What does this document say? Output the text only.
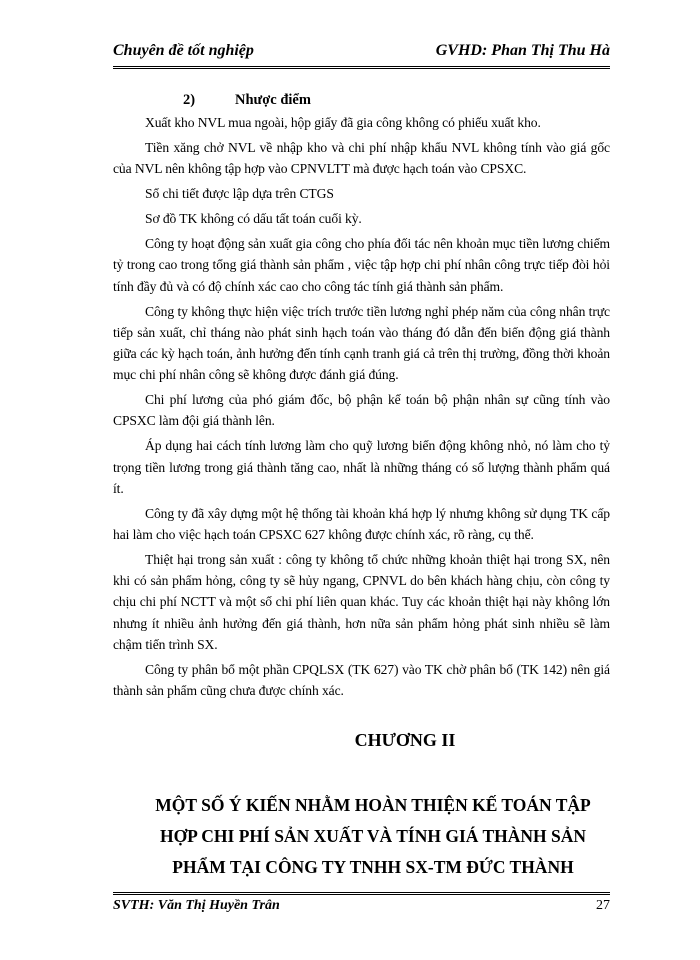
Chuyên đề tốt nghiệp	GVHD: Phan Thị Thu Hà
2)	Nhược điểm

Xuất kho NVL mua ngoài, hộp giấy đã gia công không có phiếu xuất kho.

Tiền xăng chở NVL về nhập kho và chi phí nhập khẩu NVL không tính vào giá gốc của NVL nên không tập hợp vào CPNVLTT mà được hạch toán vào CPSXC.

Sổ chi tiết được lập dựa trên CTGS

Sơ đồ TK không có dấu tất toán cuối kỳ.

Công ty hoạt động sản xuất gia công cho phía đối tác nên khoản mục tiền lương chiếm tỷ trong cao trong tổng giá thành sản phẩm , việc tập hợp chi phí nhân công trực tiếp đòi hỏi tính đầy đủ và có độ chính xác cao cho công tác tính giá thành sản phẩm.

Công ty không thực hiện việc trích trước tiền lương nghỉ phép năm của công nhân trực tiếp sản xuất, chỉ tháng nào phát sinh hạch toán vào tháng đó dẫn đến biến động giá thành giữa các kỳ hạch toán, ảnh hưởng đến tính cạnh tranh giá cả trên thị trường, đồng thời khoản mục chi phí nhân công sẽ không được đánh giá đúng.

Chi phí lương của phó giám đốc, bộ phận kế toán bộ phận nhân sự cũng tính vào CPSXC làm đội giá thành lên.

Áp dụng hai cách tính lương làm cho quỹ lương biến động không nhỏ, nó làm cho tỷ trọng tiền lương trong giá thành tăng cao, nhất là những tháng có số lượng thành phẩm quá ít.

Công ty đã xây dựng một hệ thống tài khoản khá hợp lý nhưng không sử dụng TK cấp hai làm cho việc hạch toán CPSXC 627 không được chính xác, rõ ràng, cụ thể.

Thiệt hại trong sản xuất : công ty không tổ chức những khoản thiệt hại trong SX, nên khi có sản phẩm hỏng, công ty sẽ hủy ngang, CPNVL do bên khách hàng chịu, còn công ty chịu chi phí NCTT và một số chi phí liên quan khác. Tuy các khoản thiệt hại này không lớn nhưng ít nhiều ảnh hưởng đến giá thành, hơn nữa sản phẩm hỏng phát sinh nhiều sẽ làm chậm tiến trình SX.

Công ty phân bổ một phần CPQLSX (TK 627) vào TK chờ phân bổ (TK 142) nên giá thành sản phẩm cũng chưa được chính xác.

CHƯƠNG II
MỘT SỐ Ý KIẾN NHẰM HOÀN THIỆN KẾ TOÁN TẬP
HỢP CHI PHÍ SẢN XUẤT VÀ TÍNH GIÁ THÀNH SẢN
PHẨM TẠI CÔNG TY TNHH SX-TM ĐỨC THÀNH
SVTH: Văn Thị Huyền Trân	27
